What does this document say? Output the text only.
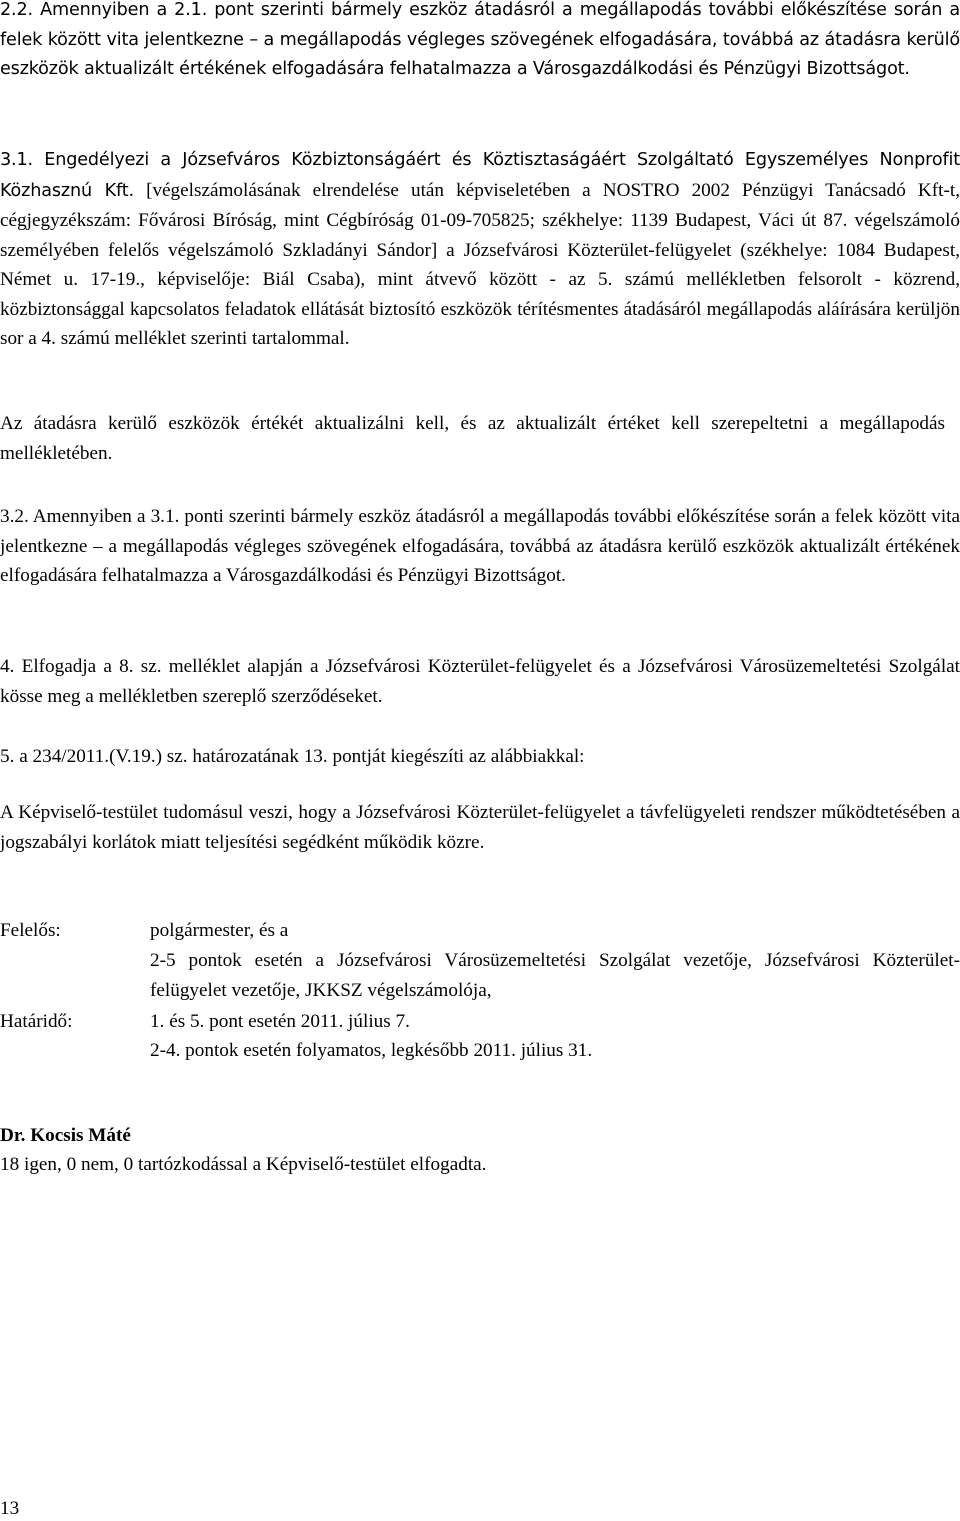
2.2. Amennyiben a 2.1. pont szerinti bármely eszköz átadásról a megállapodás további előkészítése során a felek között vita jelentkezne – a megállapodás végleges szövegének elfogadására, továbbá az átadásra kerülő eszközök aktualizált értékének elfogadására felhatalmazza a Városgazdálkodási és Pénzügyi Bizottságot.

3.1. Engedélyezi a Józsefváros Közbiztonságáért és Köztisztaságáért Szolgáltató Egyszemélyes Nonprofit Közhasznú Kft. [végelszámolásának elrendelése után képviseletében a NOSTRO 2002 Pénzügyi Tanácsadó Kft-t, cégjegyzékszám: Fővárosi Bíróság, mint Cégbíróság 01-09-705825; székhelye: 1139 Budapest, Váci út 87. végelszámoló személyében felelős végelszámoló Szkladányi Sándor] a Józsefvárosi Közterület-felügyelet (székhelye: 1084 Budapest, Német u. 17-19., képviselője: Biál Csaba), mint átvevő között - az 5. számú mellékletben felsorolt - közrend, közbiztonsággal kapcsolatos feladatok ellátását biztosító eszközök térítésmentes átadásáról megállapodás aláírására kerüljön sor a 4. számú melléklet szerinti tartalommal.

Az átadásra kerülő eszközök értékét aktualizálni kell, és az aktualizált értéket kell szerepeltetni a megállapodás mellékletében.

3.2. Amennyiben a 3.1. ponti szerinti bármely eszköz átadásról a megállapodás további előkészítése során a felek között vita jelentkezne – a megállapodás végleges szövegének elfogadására, továbbá az átadásra kerülő eszközök aktualizált értékének elfogadására felhatalmazza a Városgazdálkodási és Pénzügyi Bizottságot.

4. Elfogadja a 8. sz. melléklet alapján a Józsefvárosi Közterület-felügyelet és a Józsefvárosi Városüzemeltetési Szolgálat kösse meg a mellékletben szereplő szerződéseket.

5. a 234/2011.(V.19.) sz. határozatának 13. pontját kiegészíti az alábbiakkal:

A Képviselő-testület tudomásul veszi, hogy a Józsefvárosi Közterület-felügyelet a távfelügyeleti rendszer működtetésében a jogszabályi korlátok miatt teljesítési segédként működik közre.

Felelős:	polgármester, és a

2-5 pontok esetén a Józsefvárosi Városüzemeltetési Szolgálat vezetője, Józsefvárosi Közterület-felügyelet vezetője, JKKSZ végelszámolója,

Határidő:	1. és 5. pont esetén 2011. július 7.

2-4. pontok esetén folyamatos, legkésőbb 2011. július 31.

Dr. Kocsis Máté

18 igen, 0 nem, 0 tartózkodással a Képviselő-testület elfogadta.

13
